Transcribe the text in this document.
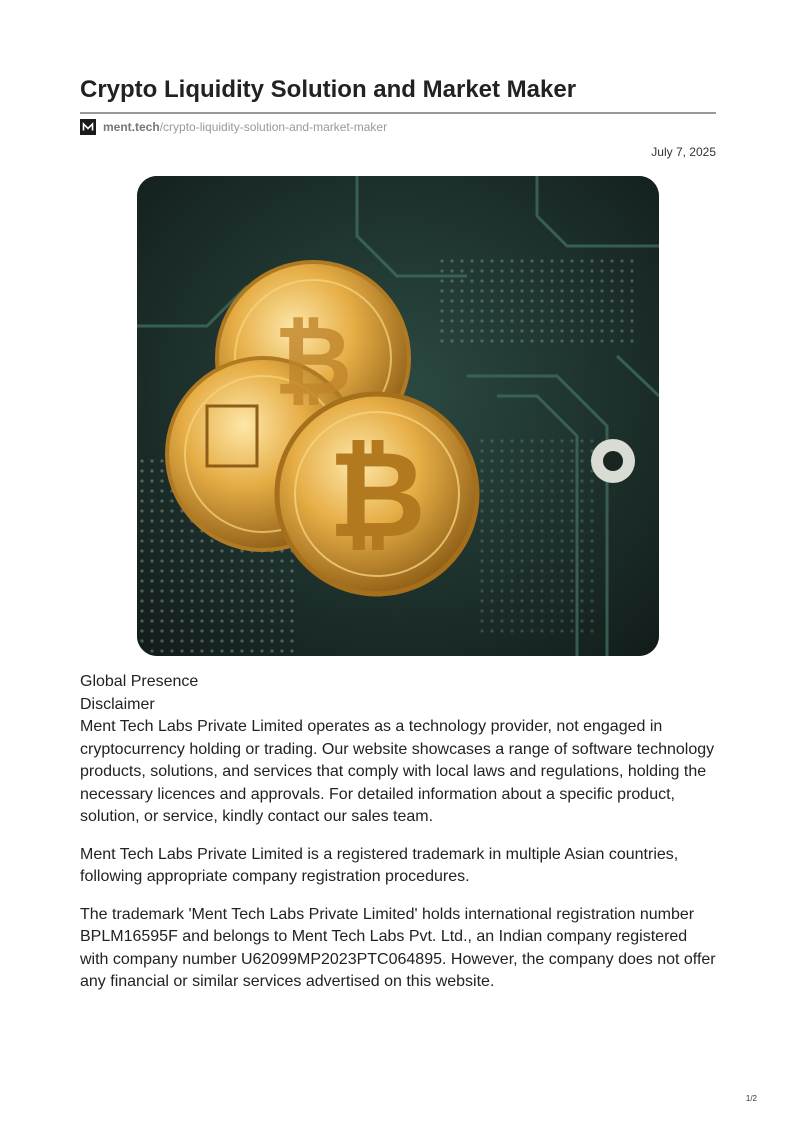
Crypto Liquidity Solution and Market Maker
ment.tech /crypto-liquidity-solution-and-market-maker
July 7, 2025
₿
₿

Global Presence

Disclaimer

Ment Tech Labs Private Limited operates as a technology provider, not engaged in cryptocurrency holding or trading. Our website showcases a range of software technology products, solutions, and services that comply with local laws and regulations, holding the necessary licences and approvals. For detailed information about a specific product, solution, or service, kindly contact our sales team.

Ment Tech Labs Private Limited is a registered trademark in multiple Asian countries, following appropriate company registration procedures.

The trademark 'Ment Tech Labs Private Limited' holds international registration number BPLM16595F and belongs to Ment Tech Labs Pvt. Ltd., an Indian company registered with company number U62099MP2023PTC064895. However, the company does not offer any financial or similar services advertised on this website.

1/2
